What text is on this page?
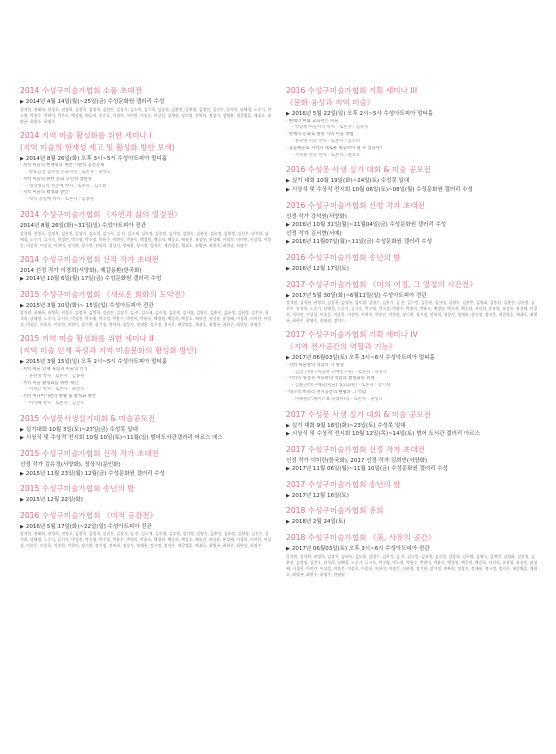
2014 수성구미술가협회 소품 초대전
▶ 2014년 4월 14일(월)~25일(금) 수성문화원 갤러리 수성
강석원, 권태하, 권정호, 권정희, 김정옥, 김정희, 김원진, 김상기, 김소희, 김수희, 김종원, 김춘선, 김현정, 김정민, 김진우, 남석희, 남해경, 노중기, 박소영, 박용수, 박현미, 박은숙, 백경원, 백승희, 송순호, 이정희, 이미란, 이종문, 이상섭, 장계현, 장기정, 전복희, 정상식, 정재용, 제갈병훈, 채쉬호, 최병곤, 최현주, 하영주
2014 지역 미술 활성화를 위한 세미나 I
(지역 미술의 현재성 제고 및 활성화 방안 모색)
▶ 2014년 8월 26일(화) 오후 3시~5시 수성아트피아 멀티룸
· 지역 미술의 현재성과 재반 기관의 공간문제
- 발표김창 김수정 문화저널 · 토론자 : 권정호
· 지역 미술의 위한 문화 요인의 상관성
- 대학생들의 전문예 박사 · 토론자 : 김소희
· 지역 미술의 활성화 방안
- 대학 졸업예 박사 · 토론자 : 김종원
2014 수성구미술가협회 《자연과 삶의 열정전》
2014년 8월 26일(화)~31일(일) 수성아트피아 전관
강석원, 권정호, 김정옥, 김원진, 김상기, 김소희, 김수희, 김 산, 김소재, 김숙정, 김종원, 김서명, 김영숙, 김춘선, 김유정, 김현정, 김진우, 남석희, 남해경, 노중기, 류시숙, 박경진, 박소영, 박소정, 박용수, 박현미, 박윤숙, 백경원, 백승희, 백상호, 배유진, 유상통, 윤성혜, 이경희, 이미란, 이상섭, 이종문, 이종욱, 이송한, 이현미, 장기현, 장기정, 전복희, 정상식, 정재용, 정시정, 정지은, 제갈병훈, 채쉬호, 최병곤, 최현주, 최현남, 하영주
2014 수성구미술가협회 신작 작가 초대전
2014 선정 작가 이경희(서양화), 제갈동환(한국화)
▶ 2014년 10월 6일(월) 17일(금) 수성문화원 갤러리 수성
2015 수성구미술가협회 《새로운 회화의 도약전》
▶ 2015년 3월 10일(화)~ 15일(일) 수성아트피아 전관
강석원, 권태하, 권정희, 권정호, 김정옥, 김정희, 김원진, 김상기, 김 산, 김소재, 김숙정, 김종원, 김서명, 김영숙, 김춘선, 김유정, 김현정, 김진우, 남석희, 남해경, 노중기, 류시숙, 박경진, 박소영, 박소정, 박용수, 박현미, 박윤숙, 백경원, 백승희, 백상호, 배유진, 유상통, 윤성혜, 이경희, 이미란, 이상섭, 이종문, 이종욱, 이송한, 이현미, 장기현, 장기정, 전복희, 정상식, 정재용, 정시정, 정지은, 제갈병훈, 채쉬호, 최병곤, 최현주, 최현남, 하영주
2015 지역 미술 활성화를 위한 세미나 II
(지역 미술 인재 육성과 지역 미술문화의 활성화 방안)
▶ 2015년 3월 15일(일) 오후 2시~5시 수성아트피아 멀티룸
· 지역 미술 인재 육성과 미술의 인식
- 홍관영 박사 · 토론자 : 김종원
· 지역 미술 활성화를 위한 제언
- 서정근 박사 · 토론자 : 최영리
· 지역 미디어기관의 현황 및 활성화 방안
- 이미혜 박사 · 토론자 : 김진우
2015 수성못사생실기대회 & 미술공모전
▶ 실기대회 10월 3일(토)~27일(금) 수성못 일대
▶ 시상식 및 수상작 전시회 10월 10일(토)~11월(일) 범어도서관갤러리 어르스 에스
2015 수성구미술가협회 신작 작가 초대전
선정 작가 김유경(서양화), 정상식(문인화)
▶ 2015년 11월 23일(월) 12월(금) 수성문화원 갤러리 수성
2015 수성구미술가협회 송년의 밤
▶ 2015년 12월 22일(화)
2016 수성구미술가협회 《미적 공감전》
▶ 2016년 5월 17일(화)~22일(일) 수성아트피아 전관
강석원, 권태하, 권정희, 권정호, 김정옥, 김정희, 김원진, 김상기, 김 산, 김소재, 김숙정, 김종원, 김서명, 김영숙, 김춘선, 김유정, 김현정, 김진우, 남석희, 남해경, 노중기, 류시숙, 박경진, 박소영, 박소정, 박용수, 박현미, 박윤숙, 백경원, 백승희, 백상호, 배유진, 유상통, 윤성혜, 이경희, 이미란, 이상섭, 이종문, 이종욱, 이송한, 이현미, 장기현, 장기정, 전복희, 정상식, 정재용, 정시정, 정지은, 제갈병훈, 채쉬호, 최병곤, 최현주, 최현남, 하영주
2016 수성구미술가협회 기획 세미나 III
《문화 융성과 지역 미술》
▶ 2016년 5월 22일(일) 오후 2시~5시 수성아트피아 멀티홀
· 현대의 미와 교육이는 미술
- 박남희 미술사학 박사 · 토론자 : 김유정
· 현재의 문화로 볼된 지역 미술 방법
- 홍관영 미학 박사 · 토론자 : 김소희
· 공공예술로 지역의 새로운 원동력이 될 수 있을까?
- 서성훈 철학 박사 · 토론자 : 권정호
2016 수성못 사생 실기 대회 & 미술 공모전
▶ 실기 대회 10월 19일(화)~24일(토) 수성못 일대
▶ 시상식 및 수상작 전시회 10월 06일(토)~08일(월) 수성문화원 갤러리 수성
2016 수성구미술가협회 선정 작가 초대전
선정 작가 강석원(서양화)
▶ 2016년 10월 31일(월)~11월04일(금) 수성문화원 갤러리 수성
선정 작가 김서현(서예)
▶ 2016년 11월07일(월)~11일(금) 수성문화원 갤러리 수성
2016 수성구미술가협회 송년의 밤
▶ 2016년 12월 17일(토)
2017 수성구미술가협회 《미의 여정, 그 열정의 시간전》
▶ 2017년 5월 30일(화)~6월11일(일) 수성아트피아 전관
강석원, 강석현, 권정희, 김강옥, 김유록, 김도엽, 김명수, 김부기, 김 산, 김수빈, 김종원, 김서명, 김영숙, 김연빈, 김영화, 김종원, 김춘선, 김현정, 김진우, 남석희, 노중기, 남해경, 노중기, 류시숙, 박소영, 박소정, 박용수, 박현미, 박윤숙, 백경원, 백승희, 백승하, 서선희, 송유영, 유상통, 윤성혜, 이경희, 이미란, 이상섭, 이종문, 이종욱, 이송한, 이현미, 이종인, 이현정, 장기현, 장기정, 전복희, 정상식, 정재용, 정시정, 정지은, 제갈병훈, 채쉬호, 최병곤, 최현주, 하영주, 한평원, 정의수
2017 수성구미술가협회 기획 세미나 IV
《지역 전시공간의 역할과 기능》
▶ 2017년 06월03일(토) 오후 3시~6시 수성아트피아 멀티홀
· 지역 미술관의 역할과 기 방향
- 김남구(대구미술관 학예연구관) · 토론자 : 육성식
· 지역의 성장과 미술관의 역할과 활성화의 전제
- 김현근(대구예술(미술) 협회회원) · 토론자 : 장기정
· 대구의 비영리 전시공간의 현황과 그 역할
- 이혜원(스페이스 K 큐레이터) · 토론자 : 권성요
2017 수성못 사생 실기 대회 & 미술 공모전
▶ 실기 대회 9월 18일(화)~23일(토) 수성못 일대
▶ 시상식 및 수상작 전시회 10월 12일(목)~14일(토) 범어 도서관 갤러리 아르스
2017 수성구미술가협회 선정 작가 초대전
선정 작가 이미란(한국화), 2017 선정 작가 김희빈(서양화)
▶ 2017년 11월 06일(월)~11월 10일(금) 수성문화원 갤러리 수성
2017 수성구미술가협회 송년의 밤
▶ 2017년 12월 16일(토)
2018 수성구미술가협회 총회
▶ 2018년 2월 24일(토)
2018 수성구미술가협회 《美, 사유의 공간》
▶ 2017년 06월03일(토) 오후 3시~6시 수성아트피아 전관
강석원, 강석현, 권정희, 김강옥, 김유록, 김도엽, 김명수, 김부기, 김 산, 김소빈, 김유정, 김승원, 김종원, 김서명, 김영숙, 김연빈, 김영화, 김종원, 김춘선, 김현정, 김진우, 남석희, 남해경, 노중기, 류시숙, 박소영, 박소정, 박용수, 박현미, 박윤숙, 백경원, 백승희, 백승하, 서선희, 송유영, 유상통, 윤성혜, 이경희, 이미란, 이상섭, 이종문, 이종욱, 이송한, 이현미, 이종인, 이현정, 장기현, 장기정, 전복희, 정상식, 정재용, 정시정, 정지은, 제갈병훈, 채쉬호, 최병곤, 최현주, 하영주, 한평원
